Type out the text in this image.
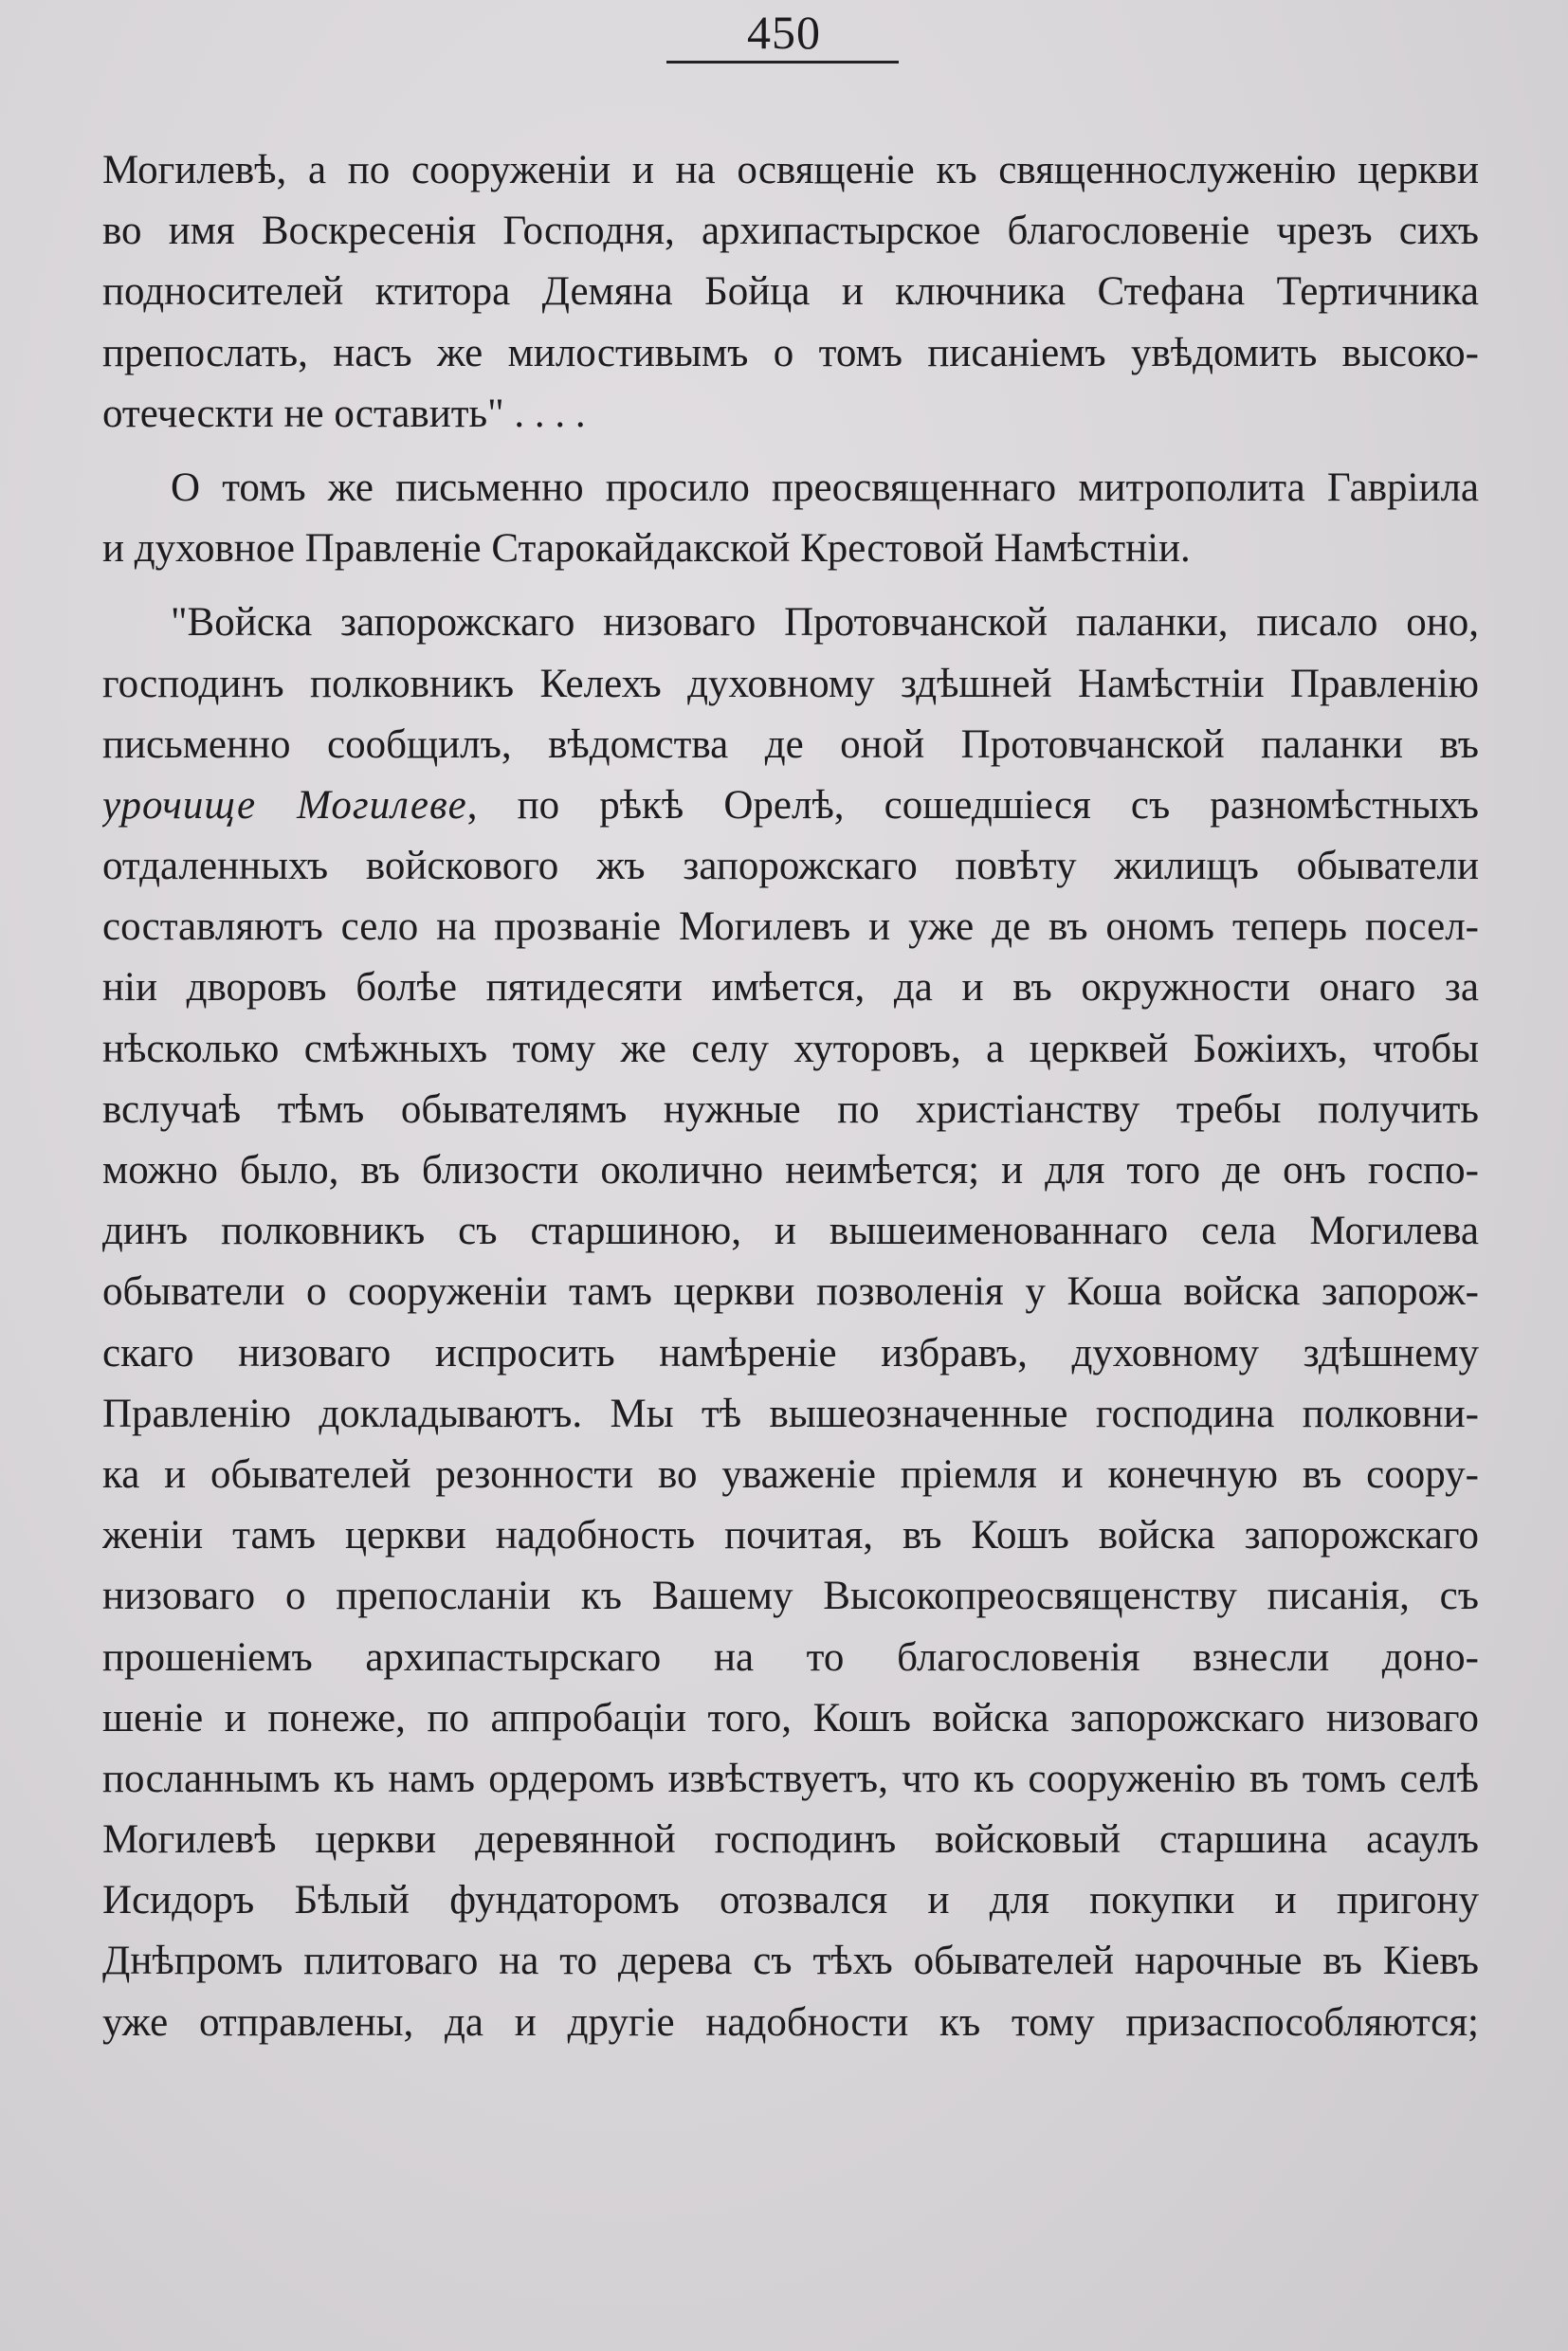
450
Могилевѣ, а по сооруженіи и на освященіе къ священнослуженію церкви
во имя Воскресенія Господня, архипастырское благословеніе чрезъ сихъ
подносителей ктитора Демяна Бойца и ключника Стефана Тертичника
препослать, насъ же милостивымъ о томъ писаніемъ увѣдомить высоко-
отеческти не оставить" . . . .
О томъ же письменно просило преосвященнаго митрополита Гавріила
и духовное Правленіе Старокайдакской Крестовой Намѣстніи.
"Войска запорожскаго низоваго Протовчанской паланки, писало оно,
господинъ полковникъ Келехъ духовному здѣшней Намѣстніи Правленію
письменно сообщилъ, вѣдомства де оной Протовчанской паланки въ
урочище Могилеве, по рѣкѣ Орелѣ, сошедшіеся съ разномѣстныхъ
отдаленныхъ войскового жъ запорожскаго повѣту жилищъ обыватели
составляютъ село на прозваніе Могилевъ и уже де въ ономъ теперь посел-
ніи дворовъ болѣе пятидесяти имѣется, да и въ окружности онаго за
нѣсколько смѣжныхъ тому же селу хуторовъ, а церквей Божіихъ, чтобы
вслучаѣ тѣмъ обывателямъ нужные по христіанству требы получить
можно было, въ близости околично неимѣется; и для того де онъ госпо-
динъ полковникъ съ старшиною, и вышеименованнаго села Могилева
обыватели о сооруженіи тамъ церкви позволенія у Коша войска запорож-
скаго низоваго испросить намѣреніе избравъ, духовному здѣшнему
Правленію докладываютъ. Мы тѣ вышеозначенные господина полковни-
ка и обывателей резонности во уваженіе пріемля и конечную въ соору-
женіи тамъ церкви надобность почитая, въ Кошъ войска запорожскаго
низоваго о препосланіи къ Вашему Высокопреосвященству писанія, съ
прошеніемъ архипастырскаго на то благословенія взнесли доно-
шеніе и понеже, по аппробаціи того, Кошъ войска запорожскаго низоваго
посланнымъ къ намъ ордеромъ извѣствуетъ, что къ сооруженію въ томъ селѣ
Могилевѣ церкви деревянной господинъ войсковый старшина асаулъ
Исидоръ Бѣлый фундаторомъ отозвался и для покупки и пригону
Днѣпромъ плитоваго на то дерева съ тѣхъ обывателей нарочные въ Кіевъ
уже отправлены, да и другіе надобности къ тому призаспособляются;
